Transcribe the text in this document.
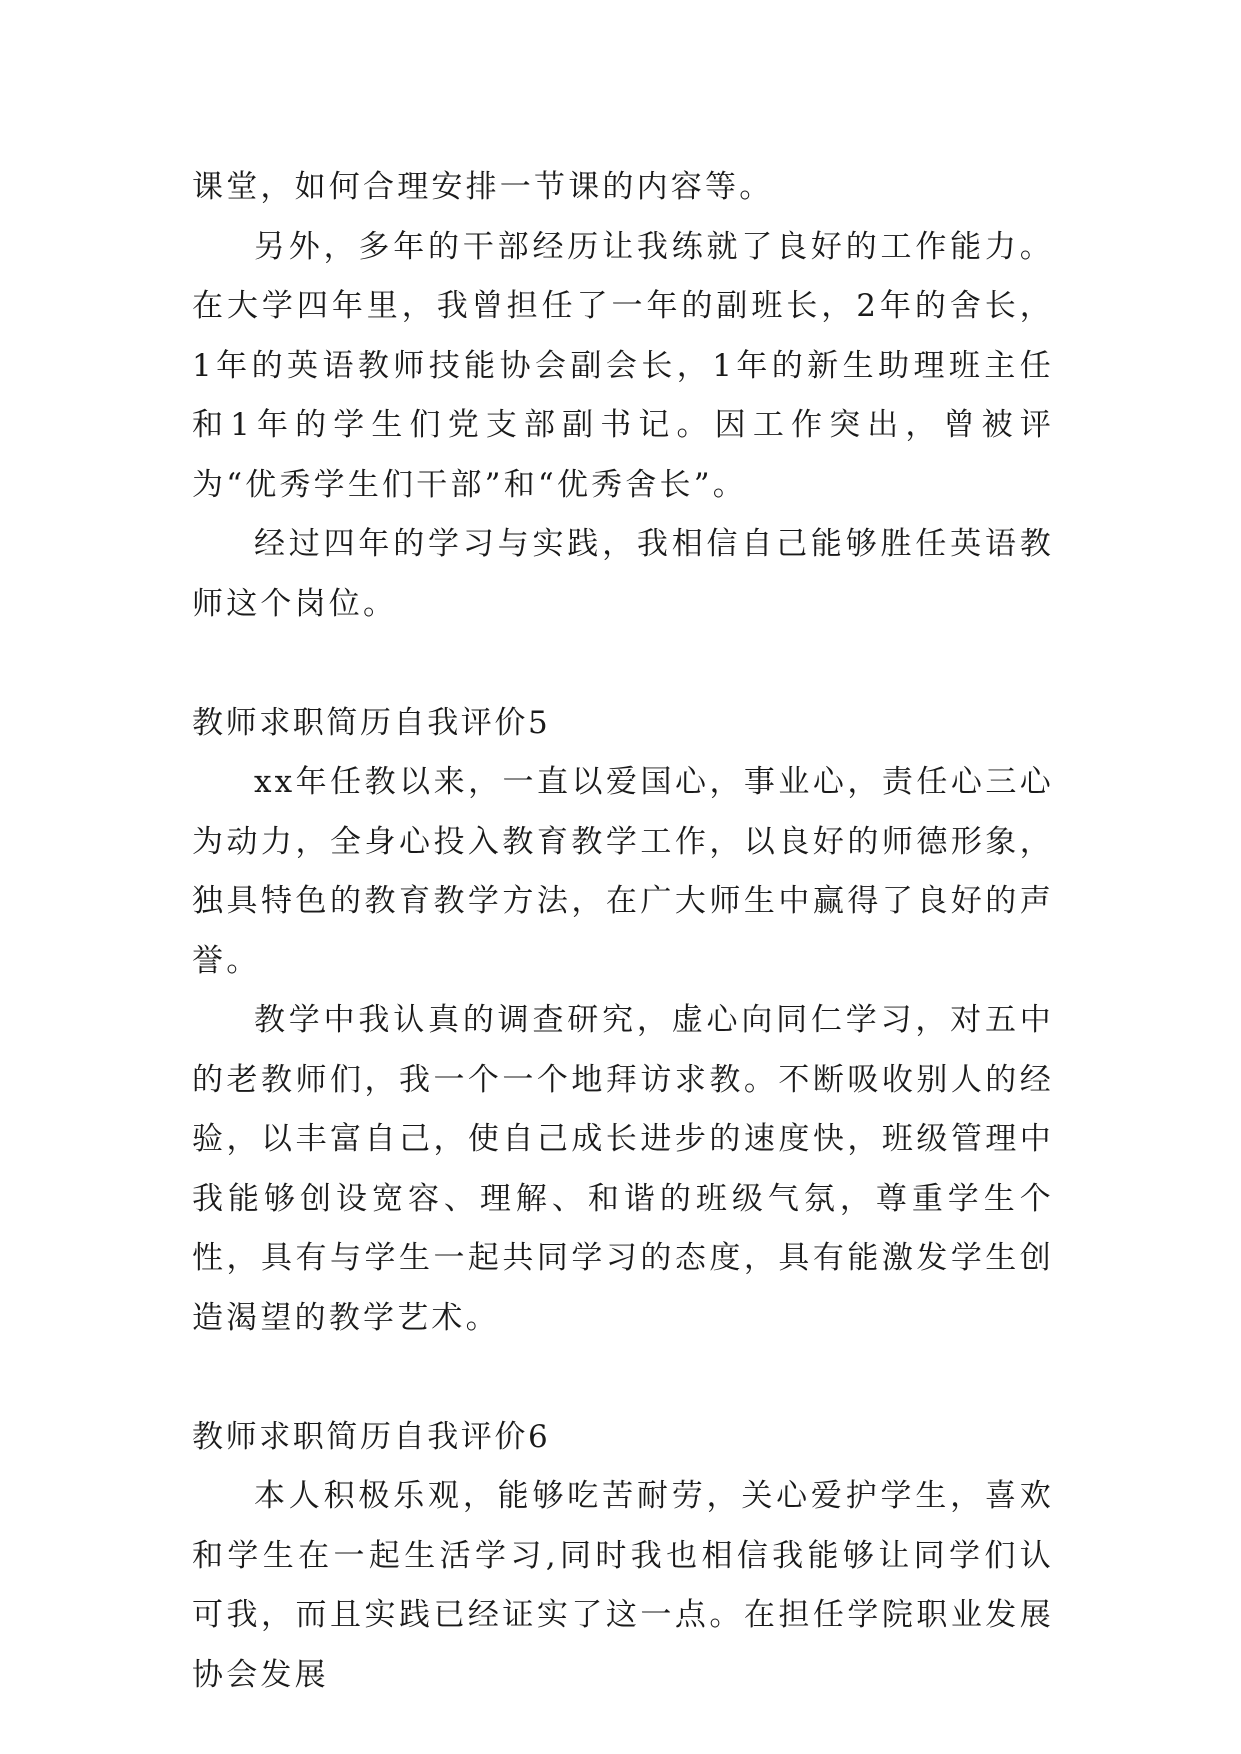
课堂，如何合理安排一节课的内容等。

另外，多年的干部经历让我练就了良好的工作能力。在大学四年里，我曾担任了一年的副班长，2年的舍长，1年的英语教师技能协会副会长，1年的新生助理班主任和1年的学生们党支部副书记。因工作突出，曾被评为“优秀学生们干部”和“优秀舍长”。

经过四年的学习与实践，我相信自己能够胜任英语教师这个岗位。

教师求职简历自我评价5

xx年任教以来，一直以爱国心，事业心，责任心三心为动力，全身心投入教育教学工作，以良好的师德形象，独具特色的教育教学方法，在广大师生中赢得了良好的声誉。

教学中我认真的调查研究，虚心向同仁学习，对五中的老教师们，我一个一个地拜访求教。不断吸收别人的经验，以丰富自己，使自己成长进步的速度快，班级管理中我能够创设宽容、理解、和谐的班级气氛，尊重学生个性，具有与学生一起共同学习的态度，具有能激发学生创造渴望的教学艺术。

教师求职简历自我评价6

本人积极乐观，能够吃苦耐劳，关心爱护学生，喜欢和学生在一起生活学习,同时我也相信我能够让同学们认可我，而且实践已经证实了这一点。在担任学院职业发展协会发展
